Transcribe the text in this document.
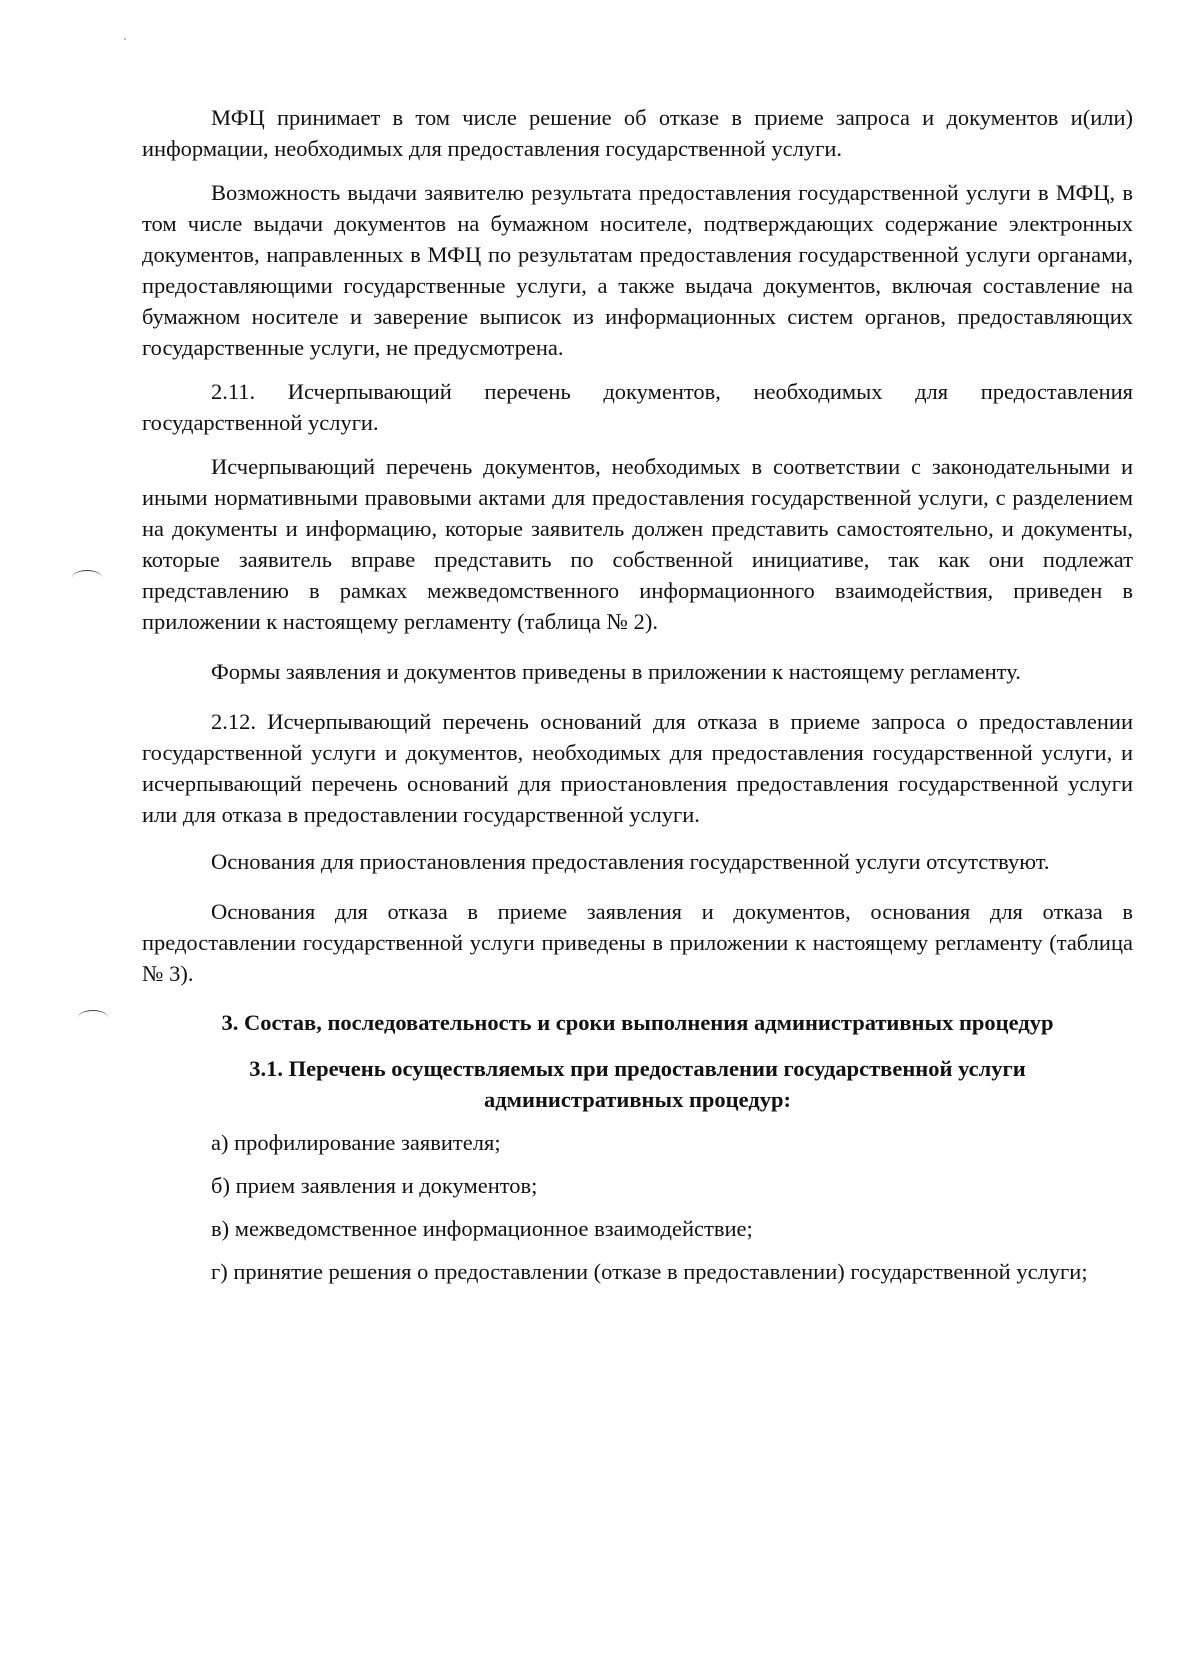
МФЦ принимает в том числе решение об отказе в приеме запроса и документов и(или) информации, необходимых для предоставления государственной услуги.

Возможность выдачи заявителю результата предоставления государственной услуги в МФЦ, в том числе выдачи документов на бумажном носителе, подтверждающих содержание электронных документов, направленных в МФЦ по результатам предоставления государственной услуги органами, предоставляющими государственные услуги, а также выдача документов, включая составление на бумажном носителе и заверение выписок из информационных систем органов, предоставляющих государственные услуги, не предусмотрена.

2.11. Исчерпывающий перечень документов, необходимых для предоставления государственной услуги.

Исчерпывающий перечень документов, необходимых в соответствии с законодательными и иными нормативными правовыми актами для предоставления государственной услуги, с разделением на документы и информацию, которые заявитель должен представить самостоятельно, и документы, которые заявитель вправе представить по собственной инициативе, так как они подлежат представлению в рамках межведомственного информационного взаимодействия, приведен в приложении к настоящему регламенту (таблица № 2).

Формы заявления и документов приведены в приложении к настоящему регламенту.

2.12. Исчерпывающий перечень оснований для отказа в приеме запроса о предоставлении государственной услуги и документов, необходимых для предоставления государственной услуги, и исчерпывающий перечень оснований для приостановления предоставления государственной услуги или для отказа в предоставлении государственной услуги.

Основания для приостановления предоставления государственной услуги отсутствуют.

Основания для отказа в приеме заявления и документов, основания для отказа в предоставлении государственной услуги приведены в приложении к настоящему регламенту (таблица № 3).

3. Состав, последовательность и сроки выполнения административных процедур
3.1. Перечень осуществляемых при предоставлении государственной услуги административных процедур:

а) профилирование заявителя;

б) прием заявления и документов;

в) межведомственное информационное взаимодействие;

г) принятие решения о предоставлении (отказе в предоставлении) государственной услуги;
